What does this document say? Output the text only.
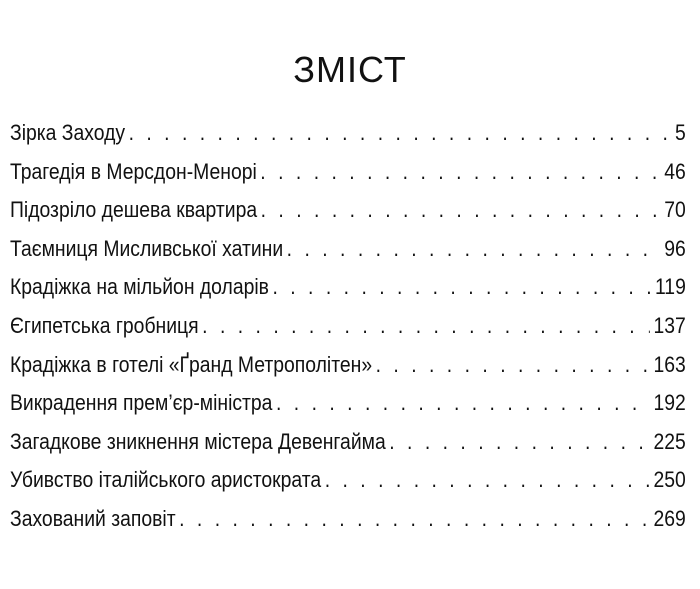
ЗМІСТ
Зірка Заходу . . .	5
Трагедія в Мерсдон-Менорі . . .	46
Підозріло дешева квартира . . .	70
Таємниця Мисливської хатини . . .	96
Крадіжка на мільйон доларів . . .	119
Єгипетська гробниця . . .	137
Крадіжка в готелі «Ґранд Метрополітен» . . .	163
Викрадення прем’єр-міністра . . .	192
Загадкове зникнення містера Девенгайма . . .	225
Убивство італійського аристократа . . .	250
Захований заповіт . . .	269
